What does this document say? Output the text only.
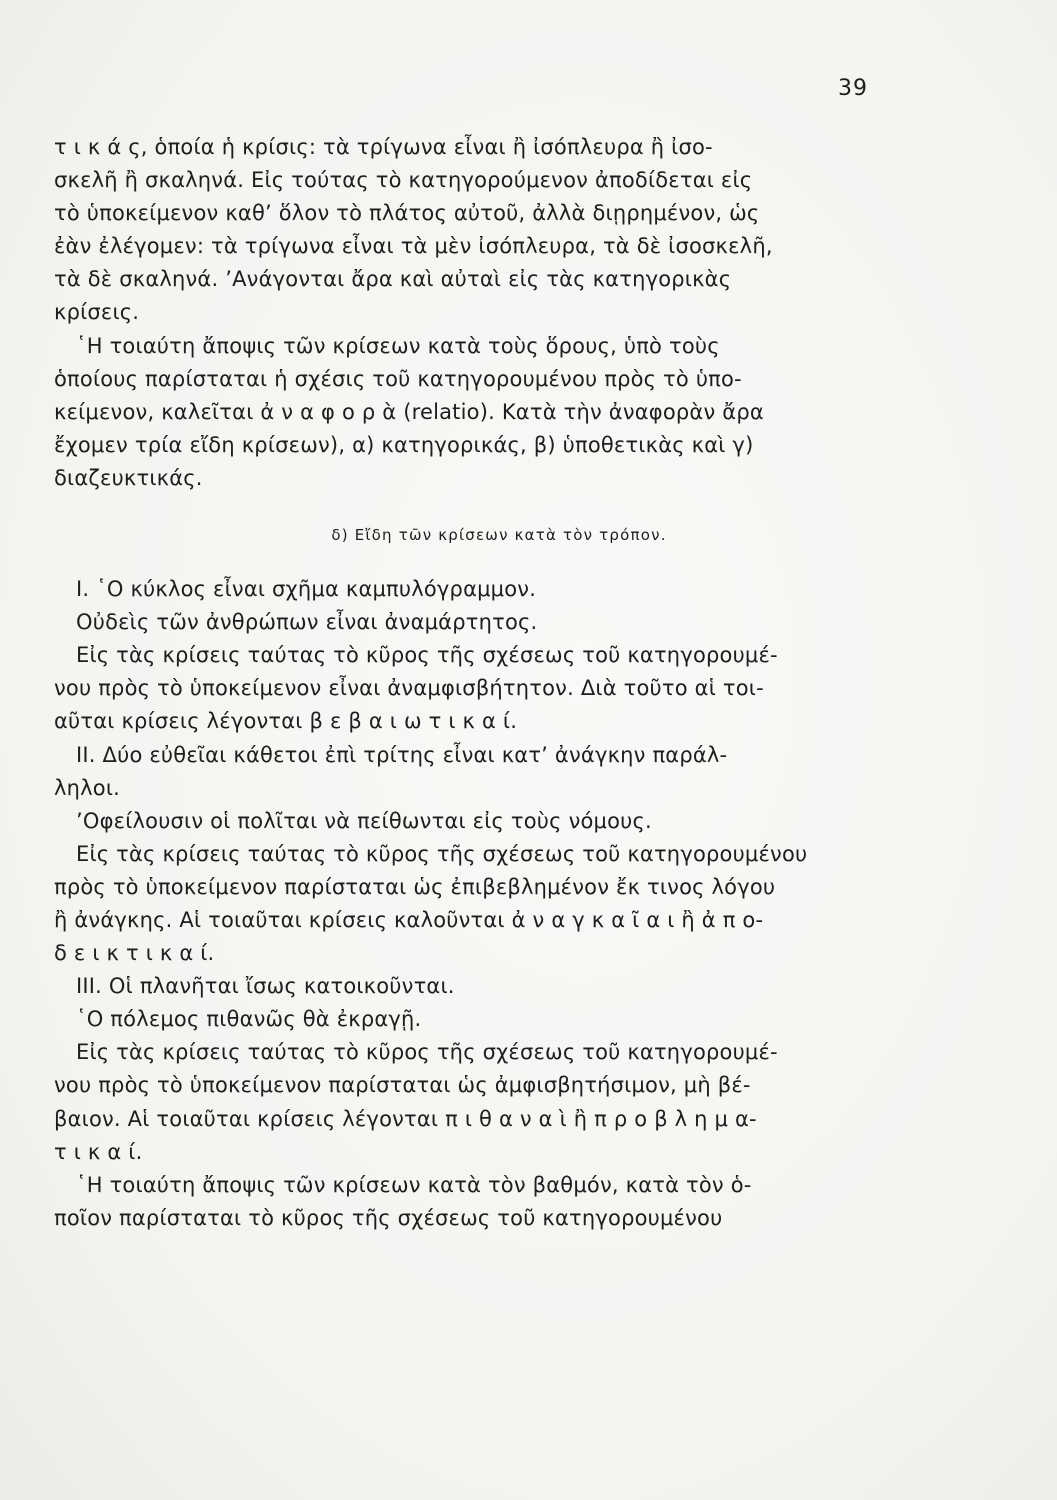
39
τ ι κ ά ς, ὁποία ἡ κρίσις: τὰ τρίγωνα εἶναι ἢ ἰσόπλευρα ἢ ἰσο-
σκελῆ ἢ σκαληνά. Εἰς τούτας τὸ κατηγορούμενον ἀποδίδεται εἰς
τὸ ὑποκείμενον καθ’ ὅλον τὸ πλάτος αὐτοῦ, ἀλλὰ διῃρημένον, ὡς
ἐὰν ἐλέγομεν: τὰ τρίγωνα εἶναι τὰ μὲν ἰσόπλευρα, τὰ δὲ ἰσοσκελῆ,
τὰ δὲ σκαληνά. ’Ανάγονται ἄρα καὶ αὐταὶ εἰς τὰς κατηγορικὰς
κρίσεις.
῾Η τοιαύτη ἄποψις τῶν κρίσεων κατὰ τοὺς ὅρους, ὑπὸ τοὺς
ὁποίους παρίσταται ἡ σχέσις τοῦ κατηγορουμένου πρὸς τὸ ὑπο-
κείμενον, καλεῖται ἀ ν α φ ο ρ ὰ (relatio). Κατὰ τὴν ἀναφορὰν ἄρα
ἔχομεν τρία εἴδη κρίσεων), α) κατηγορικάς, β) ὑποθετικὰς καὶ γ)
διαζευκτικάς.
δ) Εἴδη τῶν κρίσεων κατὰ τὸν τρόπον.
I. ῾Ο κύκλος εἶναι σχῆμα καμπυλόγραμμον.
Οὐδεὶς τῶν ἀνθρώπων εἶναι ἀναμάρτητος.
Εἰς τὰς κρίσεις ταύτας τὸ κῦρος τῆς σχέσεως τοῦ κατηγορουμέ-
νου πρὸς τὸ ὑποκείμενον εἶναι ἀναμφισβήτητον. Διὰ τοῦτο αἱ τοι-
αῦται κρίσεις λέγονται β ε β α ι ω τ ι κ α ί.
II. Δύο εὐθεῖαι κάθετοι ἐπὶ τρίτης εἶναι κατ’ ἀνάγκην παράλ-
ληλοι.
’Οφείλουσιν οἱ πολῖται νὰ πείθωνται εἰς τοὺς νόμους.
Εἰς τὰς κρίσεις ταύτας τὸ κῦρος τῆς σχέσεως τοῦ κατηγορουμένου
πρὸς τὸ ὑποκείμενον παρίσταται ὡς ἐπιβεβλημένον ἔκ τινος λόγου
ἢ ἀνάγκης. Αἱ τοιαῦται κρίσεις καλοῦνται ἀ ν α γ κ α ῖ α ι ἢ ἀ π ο-
δ ε ι κ τ ι κ α ί.
III. Οἱ πλανῆται ἴσως κατοικοῦνται.
῾Ο πόλεμος πιθανῶς θὰ ἐκραγῇ.
Εἰς τὰς κρίσεις ταύτας τὸ κῦρος τῆς σχέσεως τοῦ κατηγορουμέ-
νου πρὸς τὸ ὑποκείμενον παρίσταται ὡς ἀμφισβητήσιμον, μὴ βέ-
βαιον. Αἱ τοιαῦται κρίσεις λέγονται π ι θ α ν α ὶ ἢ π ρ ο β λ η μ α-
τ ι κ α ί.
῾Η τοιαύτη ἄποψις τῶν κρίσεων κατὰ τὸν βαθμόν, κατὰ τὸν ὁ-
ποῖον παρίσταται τὸ κῦρος τῆς σχέσεως τοῦ κατηγορουμένου
